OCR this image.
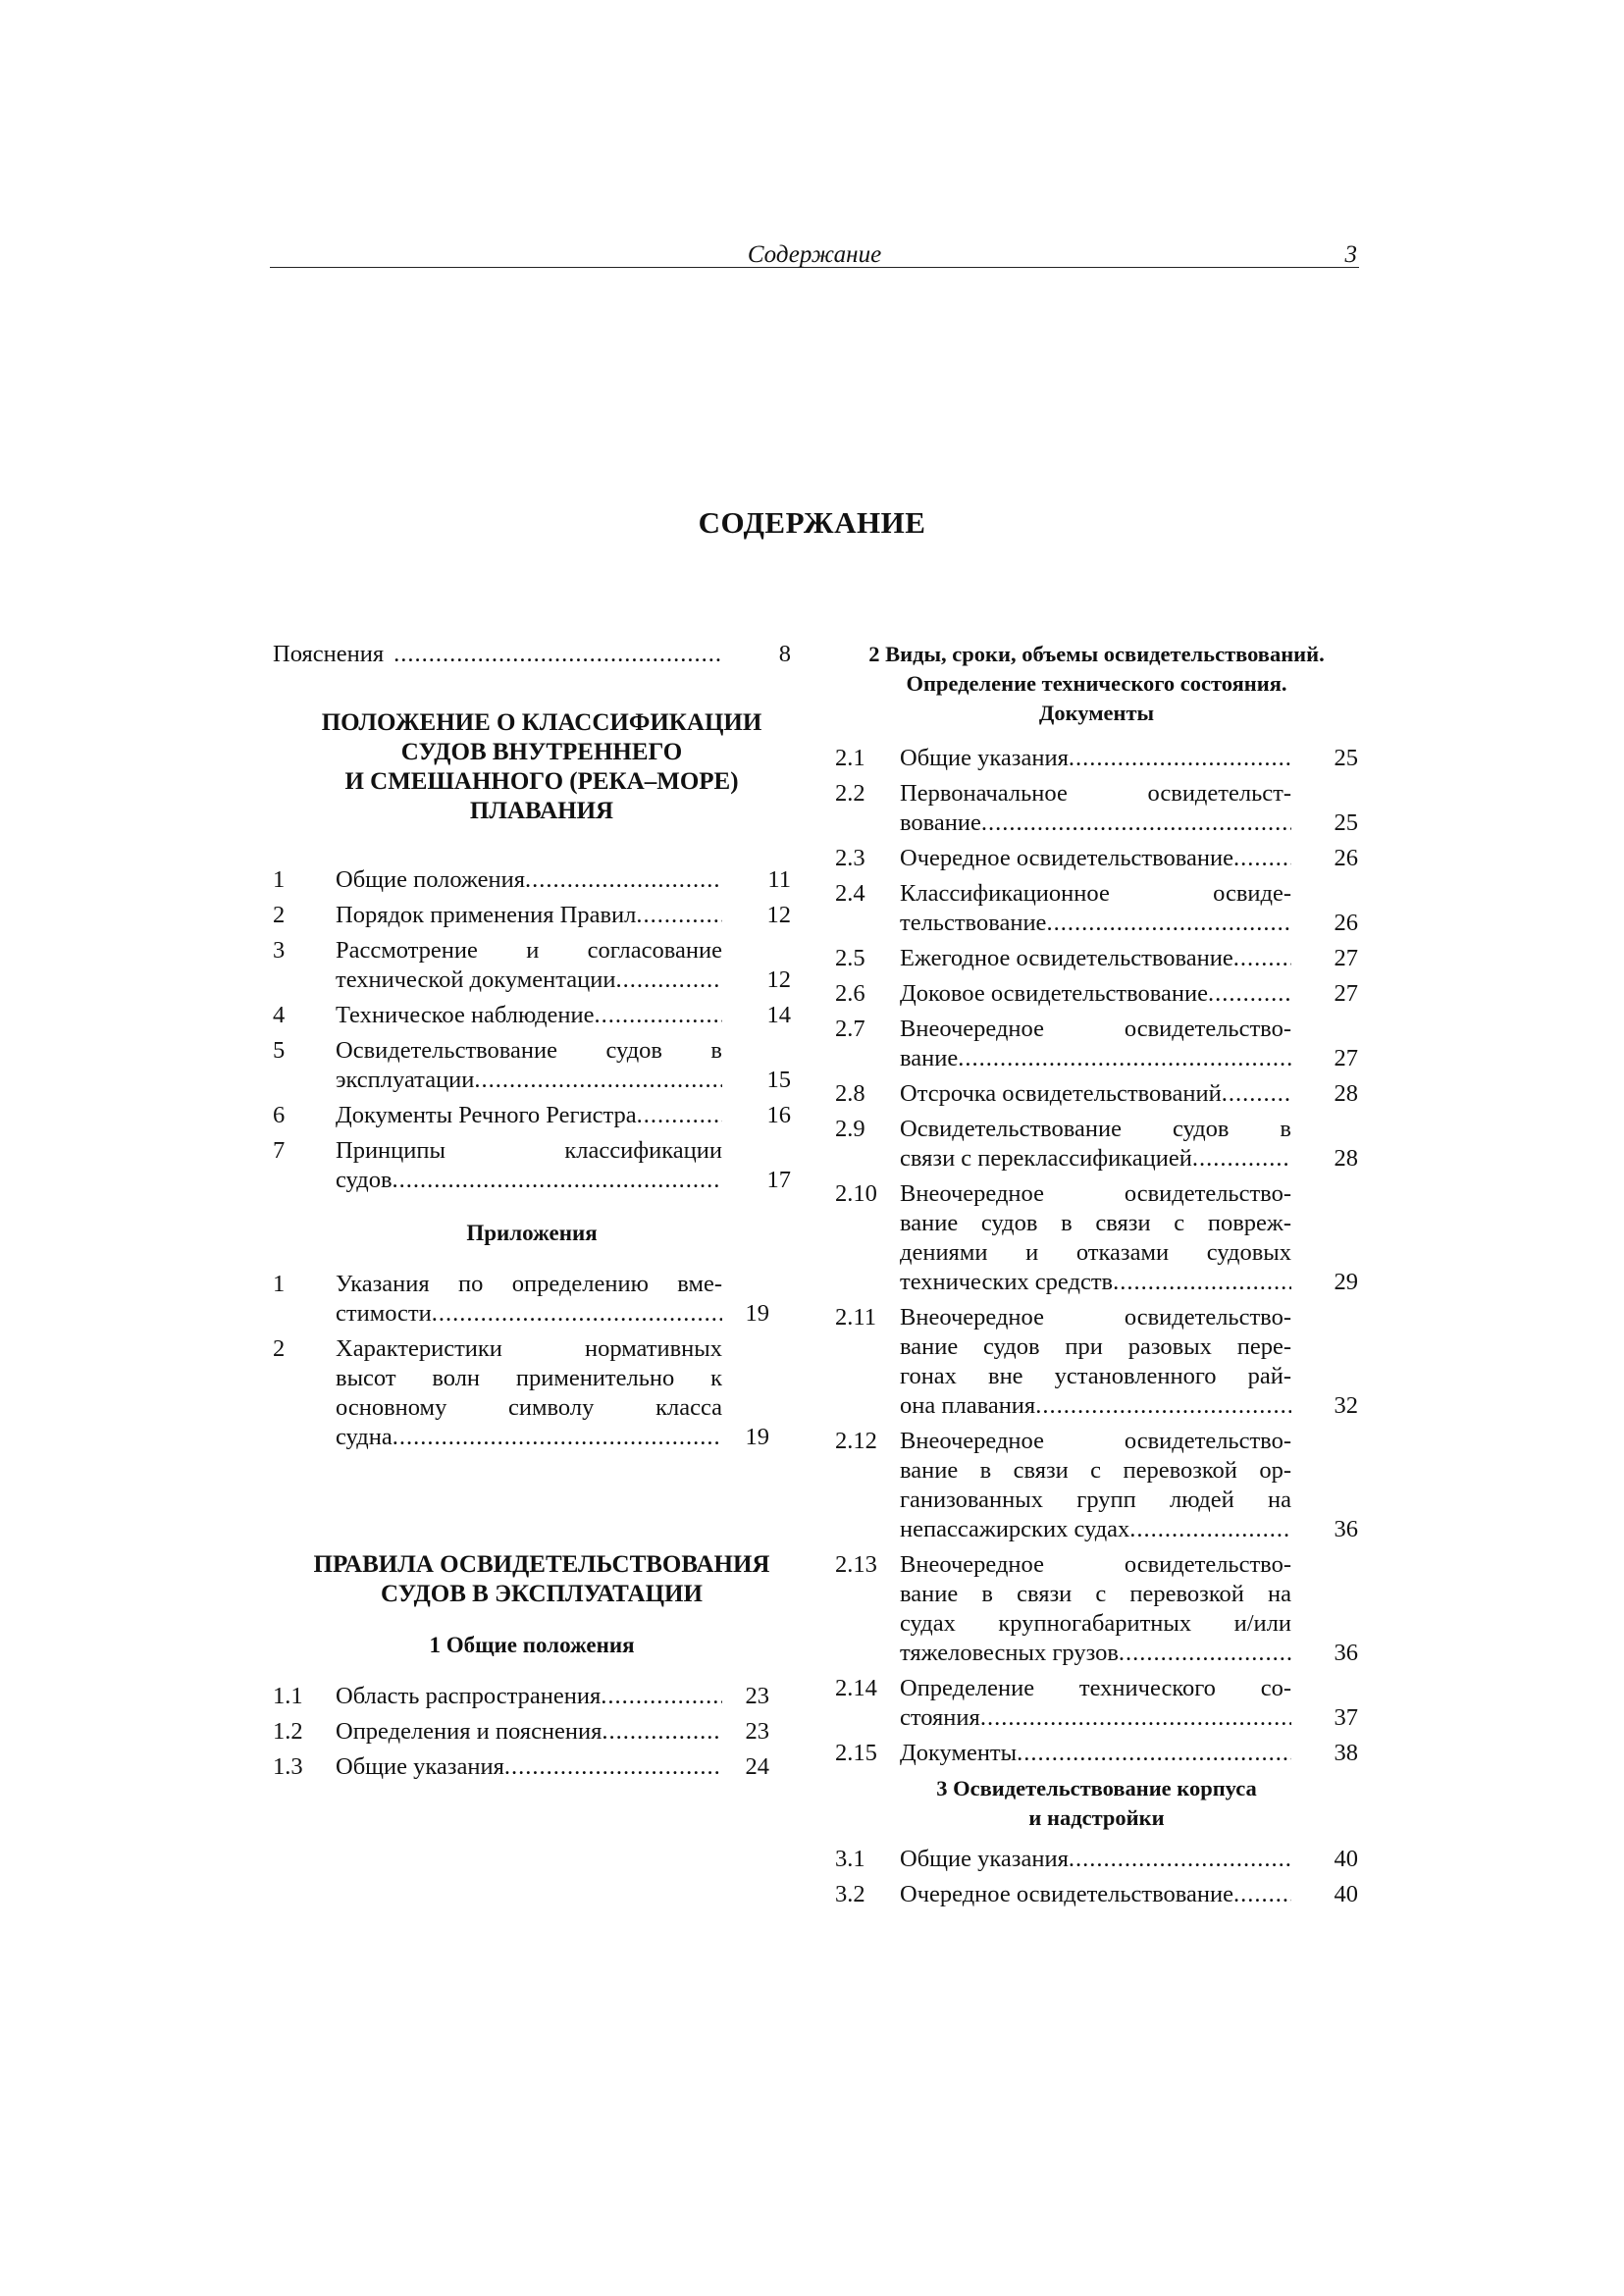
Содержание	3
СОДЕРЖАНИЕ
Пояснения .....	8
ПОЛОЖЕНИЕ О КЛАССИФИКАЦИИ
СУДОВ ВНУТРЕННЕГО
И СМЕШАННОГО (РЕКА–МОРЕ)
ПЛАВАНИЯ
1 Общие положения .....	11
2 Порядок применения Правил .....	12
3 Рассмотрение и согласование
технической документации .....	12
4 Техническое наблюдение .....	14
5 Освидетельствование судов в
эксплуатации .....	15
6 Документы Речного Регистра .....	16
7 Принципы классификации
судов .....	17
Приложения
1 Указания по определению вме-
стимости .....	19
2 Характеристики нормативных
высот волн применительно к
основному символу класса
судна .....	19
ПРАВИЛА ОСВИДЕТЕЛЬСТВОВАНИЯ
СУДОВ В ЭКСПЛУАТАЦИИ
1 Общие положения
1.1 Область распространения .....	23
1.2 Определения и пояснения .....	23
1.3 Общие указания .....	24
2 Виды, сроки, объемы освидетельствований.
Определение технического состояния.
Документы
2.1 Общие указания .....	25
2.2 Первоначальное освидетельст-
вование .....	25
2.3 Очередное освидетельствование .....	26
2.4 Классификационное освиде-
тельствование .....	26
2.5 Ежегодное освидетельствование .....	27
2.6 Доковое освидетельствование .....	27
2.7 Внеочередное освидетельство-
вание .....	27
2.8 Отсрочка освидетельствований .....	28
2.9 Освидетельствование судов в
связи с переклассификацией .....	28
2.10 Внеочередное освидетельство-
вание судов в связи с повреж-
дениями и отказами судовых
технических средств .....	29
2.11 Внеочередное освидетельство-
вание судов при разовых пере-
гонах вне установленного рай-
она плавания .....	32
2.12 Внеочередное освидетельство-
вание в связи с перевозкой ор-
ганизованных групп людей на
непассажирских судах .....	36
2.13 Внеочередное освидетельство-
вание в связи с перевозкой на
судах крупногабаритных и/или
тяжеловесных грузов .....	36
2.14 Определение технического со-
стояния .....	37
2.15 Документы .....	38
3 Освидетельствование корпуса
и надстройки
3.1 Общие указания .....	40
3.2 Очередное освидетельствование .....	40
